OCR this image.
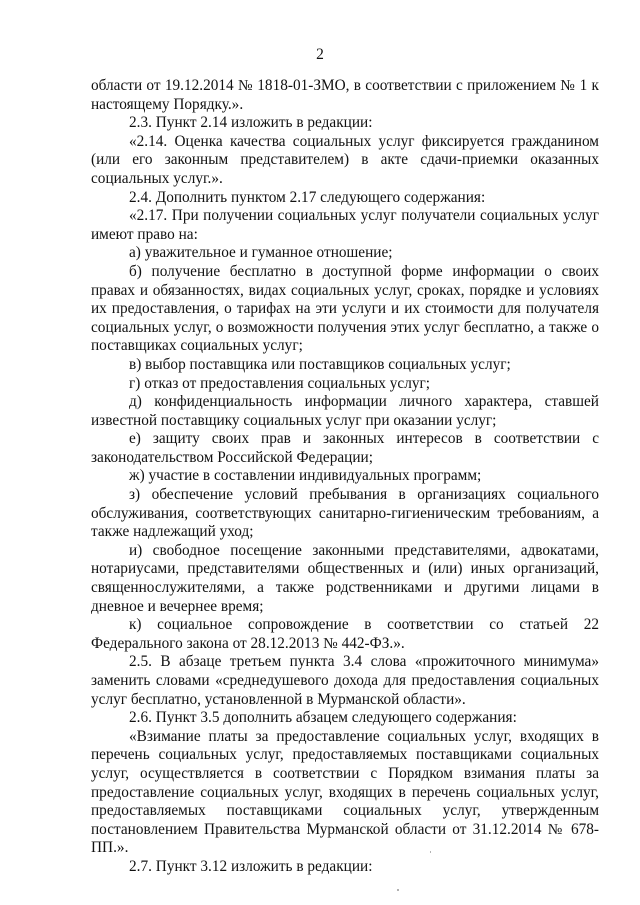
2

области от 19.12.2014 № 1818-01-ЗМО, в соответствии с приложением № 1 к настоящему Порядку.».

2.3. Пункт 2.14 изложить в редакции:

«2.14. Оценка качества социальных услуг фиксируется гражданином (или его законным представителем) в акте сдачи-приемки оказанных социальных услуг.».

2.4. Дополнить пунктом 2.17 следующего содержания:

«2.17. При получении социальных услуг получатели социальных услуг имеют право на:

а) уважительное и гуманное отношение;

б) получение бесплатно в доступной форме информации о своих правах и обязанностях, видах социальных услуг, сроках, порядке и условиях их предоставления, о тарифах на эти услуги и их стоимости для получателя социальных услуг, о возможности получения этих услуг бесплатно, а также о поставщиках социальных услуг;

в) выбор поставщика или поставщиков социальных услуг;

г) отказ от предоставления социальных услуг;

д) конфиденциальность информации личного характера, ставшей известной поставщику социальных услуг при оказании услуг;

е) защиту своих прав и законных интересов в соответствии с законодательством Российской Федерации;

ж) участие в составлении индивидуальных программ;

з) обеспечение условий пребывания в организациях социального обслуживания, соответствующих санитарно-гигиеническим требованиям, а также надлежащий уход;

и) свободное посещение законными представителями, адвокатами, нотариусами, представителями общественных и (или) иных организаций, священнослужителями, а также родственниками и другими лицами в дневное и вечернее время;

к) социальное сопровождение в соответствии со статьей 22 Федерального закона от 28.12.2013 № 442-ФЗ.».

2.5. В абзаце третьем пункта 3.4 слова «прожиточного минимума» заменить словами «среднедушевого дохода для предоставления социальных услуг бесплатно, установленной в Мурманской области».

2.6. Пункт 3.5 дополнить абзацем следующего содержания:

«Взимание платы за предоставление социальных услуг, входящих в перечень социальных услуг, предоставляемых поставщиками социальных услуг, осуществляется в соответствии с Порядком взимания платы за предоставление социальных услуг, входящих в перечень социальных услуг, предоставляемых поставщиками социальных услуг, утвержденным постановлением Правительства Мурманской области от 31.12.2014 № 678-ПП.».

2.7. Пункт 3.12 изложить в редакции:
